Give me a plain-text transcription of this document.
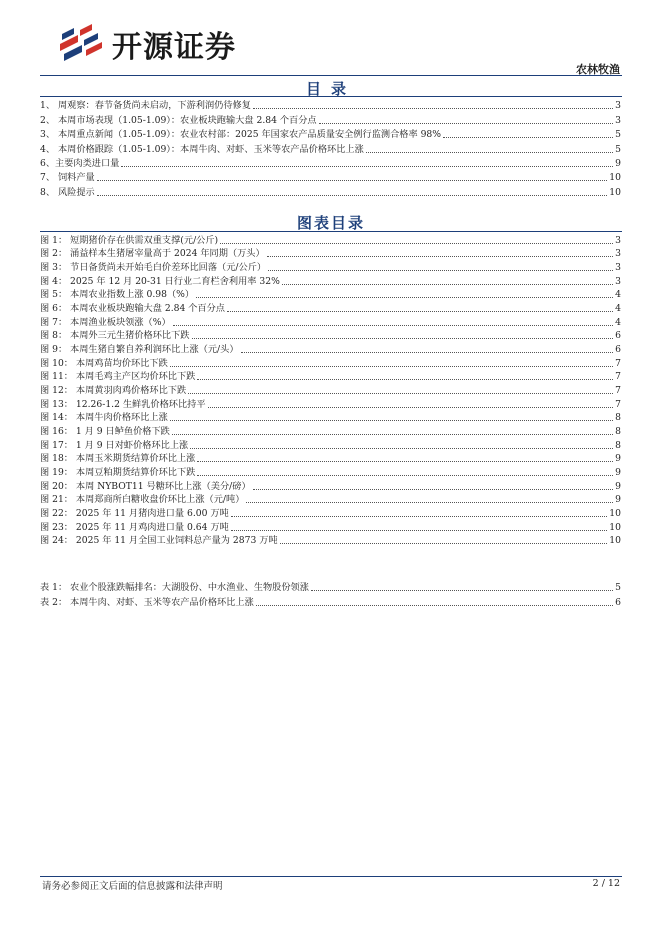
开源证券
农林牧渔
目录
1、 周观察：春节备货尚未启动，下游利润仍待修复	3
2、 本周市场表现（1.05-1.09）：农业板块跑输大盘 2.84 个百分点	3
3、 本周重点新闻（1.05-1.09）：农业农村部：2025 年国家农产品质量安全例行监测合格率 98%	5
4、 本周价格跟踪（1.05-1.09）：本周牛肉、对虾、玉米等农产品价格环比上涨	5
6、主要肉类进口量	9
7、 饲料产量	10
8、 风险提示	10
图表目录
图 1： 短期猪价存在供需双重支撑(元/公斤)	3
图 2： 涌益样本生猪屠宰量高于 2024 年同期（万头）	3
图 3： 节日备货尚未开始毛白价差环比回落（元/公斤）	3
图 4： 2025 年 12 月 20-31 日行业二育栏舍利用率 32%	3
图 5： 本周农业指数上涨 0.98（%）	4
图 6： 本周农业板块跑输大盘 2.84 个百分点	4
图 7： 本周渔业板块领涨（%）	4
图 8： 本周外三元生猪价格环比下跌	6
图 9： 本周生猪自繁自养利润环比上涨（元/头）	6
图 10： 本周鸡苗均价环比下跌	7
图 11： 本周毛鸡主产区均价环比下跌	7
图 12： 本周黄羽肉鸡价格环比下跌	7
图 13： 12.26-1.2 生鲜乳价格环比持平	7
图 14： 本周牛肉价格环比上涨	8
图 16： 1 月 9 日鲈鱼价格下跌	8
图 17： 1 月 9 日对虾价格环比上涨	8
图 18： 本周玉米期货结算价环比上涨	9
图 19： 本周豆粕期货结算价环比下跌	9
图 20： 本周 NYBOT11 号糖环比上涨（美分/磅）	9
图 21： 本周郑商所白糖收盘价环比上涨（元/吨）	9
图 22： 2025 年 11 月猪肉进口量 6.00 万吨	10
图 23： 2025 年 11 月鸡肉进口量 0.64 万吨	10
图 24： 2025 年 11 月全国工业饲料总产量为 2873 万吨	10
表 1： 农业个股涨跌幅排名：大湖股份、中水渔业、生物股份领涨	5
表 2： 本周牛肉、对虾、玉米等农产品价格环比上涨	6
请务必参阅正文后面的信息披露和法律声明	2 / 12
